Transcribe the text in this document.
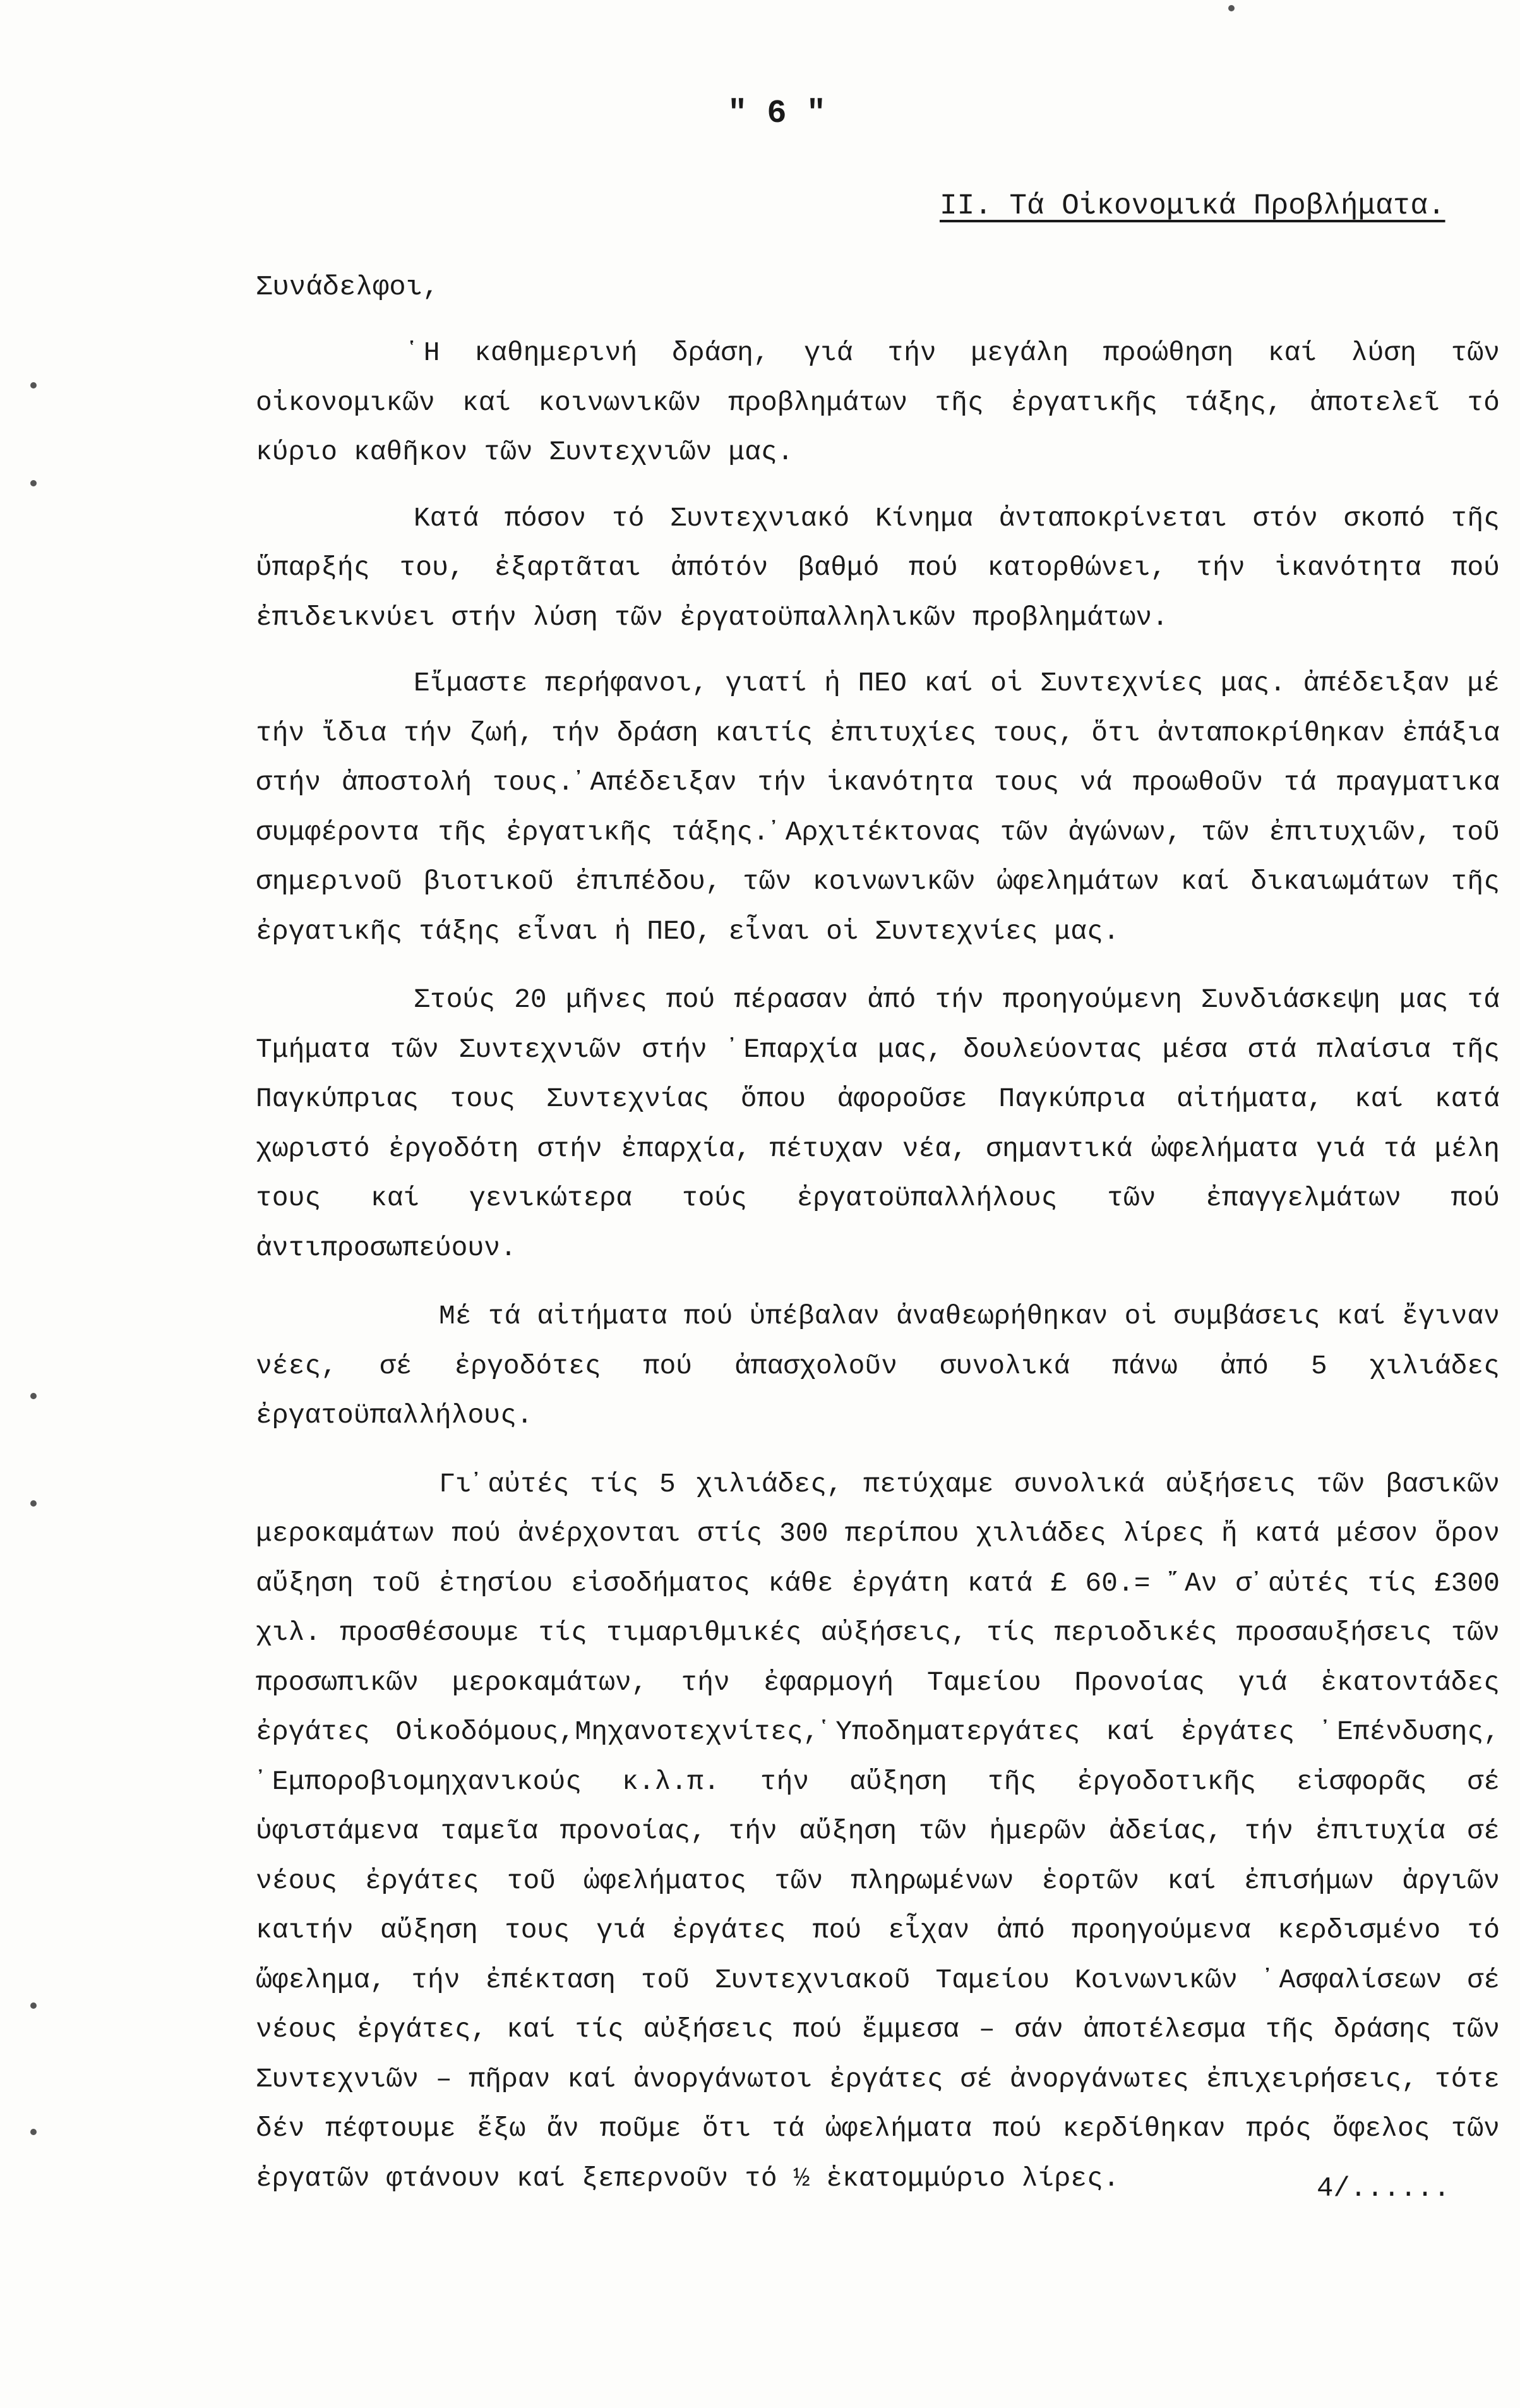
" 6 "
II. Τά Οἰκονομικά Προβλήματα.
Συνάδελφοι,

῾Η καθημερινή δράση, γιά τήν μεγάλη προώθηση καί λύση τῶν οἰκονομικῶν καί κοινωνικῶν προβλημάτων τῆς ἐργατικῆς τάξης, ἀποτελεῖ τό κύριο καθῆκον τῶν Συντεχνιῶν μας.

Κατά πόσον τό Συντεχνιακό Κίνημα ἀνταποκρίνεται στόν σκοπό τῆς ὕπαρξής του, ἐξαρτᾶται ἀπότόν βαθμό πού κατορθώνει, τήν ἱκανότητα πού ἐπιδεικνύει στήν λύση τῶν ἐργατοϋπαλληλικῶν προβλημάτων.

Εἴμαστε περήφανοι, γιατί ἡ ΠΕΟ καί οἱ Συντεχνίες μας. ἀπέδειξαν μέ τήν ἴδια τήν ζωή, τήν δράση καιτίς ἐπιτυχίες τους, ὅτι ἀνταποκρίθηκαν ἐπάξια στήν ἀποστολή τους.᾿Απέδειξαν τήν ἱκανότητα τους νά προωθοῦν τά πραγματικα συμφέροντα τῆς ἐργατικῆς τάξης.᾿Αρχιτέκτονας τῶν ἀγώνων, τῶν ἐπιτυχιῶν, τοῦ σημερινοῦ βιοτικοῦ ἐπιπέδου, τῶν κοινωνικῶν ὠφελημάτων καί δικαιωμάτων τῆς ἐργατικῆς τάξης εἶναι ἡ ΠΕΟ, εἶναι οἱ Συντεχνίες μας.

Στούς 20 μῆνες πού πέρασαν ἀπό τήν προηγούμενη Συνδιάσκεψη μας τά Τμήματα τῶν Συντεχνιῶν στήν ᾿Επαρχία μας, δουλεύοντας μέσα στά πλαίσια τῆς Παγκύπριας τους Συντεχνίας ὅπου ἀφοροῦσε Παγκύπρια αἰτήματα, καί κατά χωριστό ἐργοδότη στήν ἐπαρχία, πέτυχαν νέα, σημαντικά ὠφελήματα γιά τά μέλη τους καί γενικώτερα τούς ἐργατοϋπαλλήλους τῶν ἐπαγγελμάτων πού ἀντιπροσωπεύουν.

Μέ τά αἰτήματα πού ὑπέβαλαν ἀναθεωρήθηκαν οἱ συμβάσεις καί ἔγιναν νέες, σέ ἐργοδότες πού ἀπασχολοῦν συνολικά πάνω ἀπό 5 χιλιάδες ἐργατοϋπαλλήλους.

Γι᾿αὐτές τίς 5 χιλιάδες, πετύχαμε συνολικά αὐξήσεις τῶν βασικῶν μεροκαμάτων πού ἀνέρχονται στίς 300 περίπου χιλιάδες λίρες ἤ κατά μέσον ὅρον αὔξηση τοῦ ἐτησίου εἰσοδήματος κάθε ἐργάτη κατά £ 60.= ῎Αν σ᾿αὐτές τίς £300 χιλ. προσθέσουμε τίς τιμαριθμικές αὐξήσεις, τίς περιοδικές προσαυξήσεις τῶν προσωπικῶν μεροκαμάτων, τήν ἐφαρμογή Ταμείου Προνοίας γιά ἑκατοντάδες ἐργάτες Οἰκοδόμους,Μηχανοτεχνίτες,῾Υποδηματεργάτες καί ἐργάτες ᾿Επένδυσης, ᾿Εμποροβιομηχανικούς κ.λ.π. τήν αὔξηση τῆς ἐργοδοτικῆς εἰσφορᾶς σέ ὑφιστάμενα ταμεῖα προνοίας, τήν αὔξηση τῶν ἡμερῶν ἀδείας, τήν ἐπιτυχία σέ νέους ἐργάτες τοῦ ὠφελήματος τῶν πληρωμένων ἑορτῶν καί ἐπισήμων ἀργιῶν καιτήν αὔξηση τους γιά ἐργάτες πού εἶχαν ἀπό προηγούμενα κερδισμένο τό ὤφελημα, τήν ἐπέκταση τοῦ Συντεχνιακοῦ Ταμείου Κοινωνικῶν ᾿Ασφαλίσεων σέ νέους ἐργάτες, καί τίς αὐξήσεις πού ἔμμεσα – σάν ἀποτέλεσμα τῆς δράσης τῶν Συντεχνιῶν – πῆραν καί ἀνοργάνωτοι ἐργάτες σέ ἀνοργάνωτες ἐπιχειρήσεις, τότε δέν πέφτουμε ἔξω ἄν ποῦμε ὅτι τά ὠφελήματα πού κερδίθηκαν πρός ὄφελος τῶν ἐργατῶν φτάνουν καί ξεπερνοῦν τό ½ ἑκατομμύριο λίρες.	4/......
